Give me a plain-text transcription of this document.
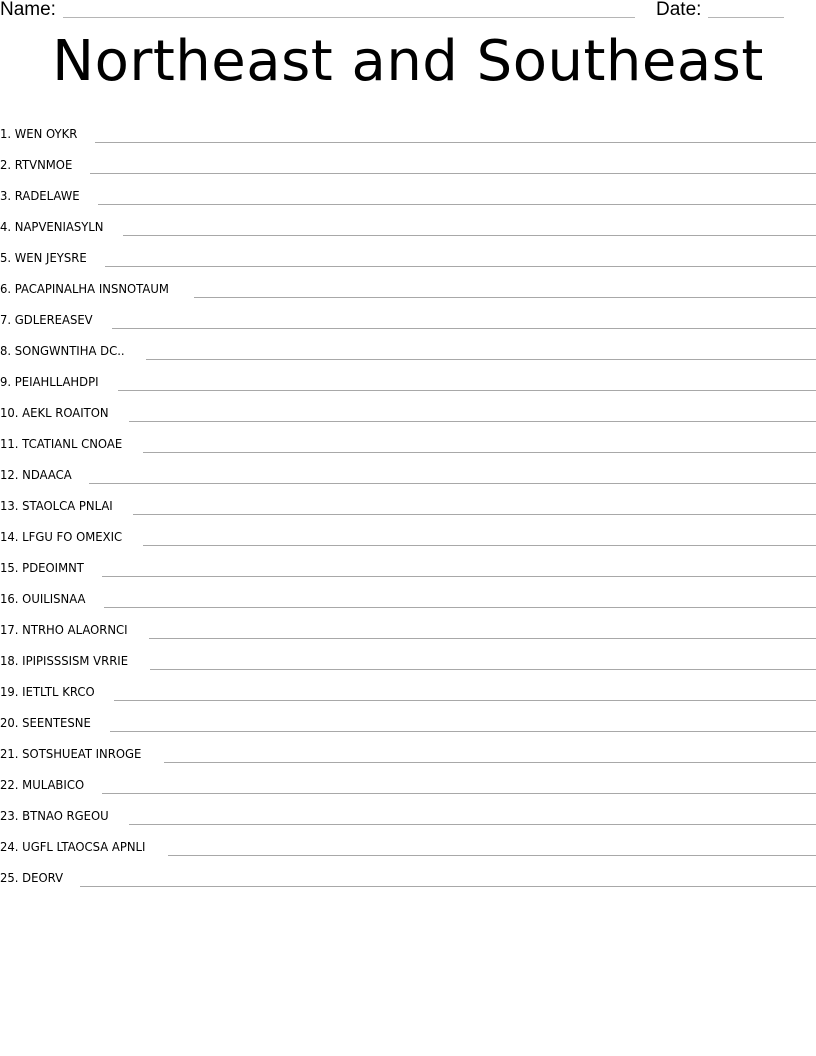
Name:	Date:
Northeast and Southeast
1. WEN OYKR
2. RTVNMOE
3. RADELAWE
4. NAPVENIASYLN
5. WEN JEYSRE
6. PACAPINALHA INSNOTAUM
7. GDLEREASEV
8. SONGWNTIHA DC..
9. PEIAHLLAHDPI
10. AEKL ROAITON
11. TCATIANL CNOAE
12. NDAACA
13. STAOLCA PNLAI
14. LFGU FO OMEXIC
15. PDEOIMNT
16. OUILISNAA
17. NTRHO ALAORNCI
18. IPIPISSSISM VRRIE
19. IETLTL KRCO
20. SEENTESNE
21. SOTSHUEAT INROGE
22. MULABICO
23. BTNAO RGEOU
24. UGFL LTAOCSA APNLI
25. DEORV
